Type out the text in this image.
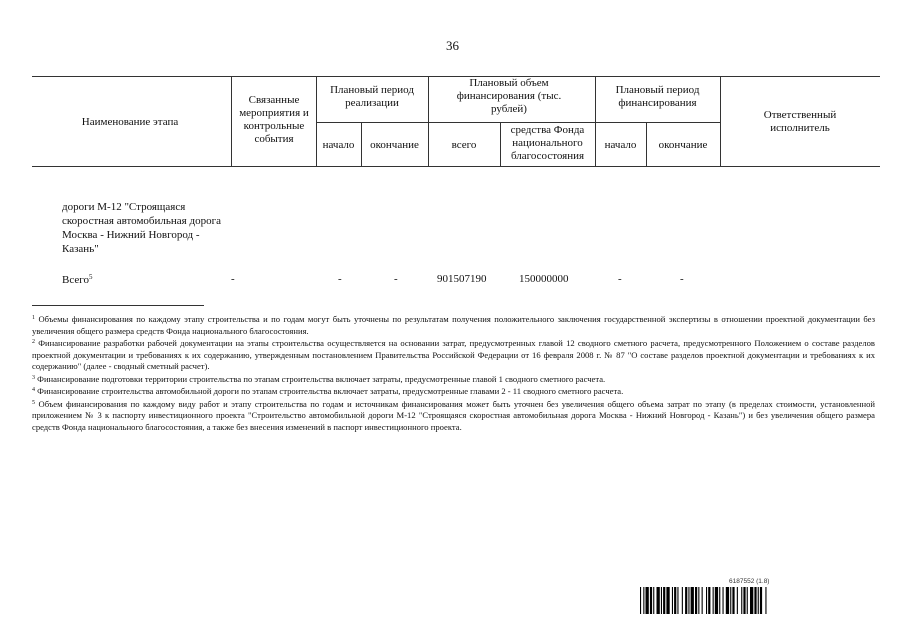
36
Наименование этапа
Связанные мероприятия и контрольные события
Плановый период реализации
начало	окончание
Плановый объем финансирования (тыс. рублей)
всего
средства Фонда национального благосостояния
Плановый период финансирования
начало	окончание
Ответственный исполнитель
дороги М-12 "Строящаяся скоростная автомобильная дорога Москва - Нижний Новгород - Казань"
Всего$^5$	-	-	-	901507190	150000000	-	-

$^1$ Объемы финансирования по каждому этапу строительства и по годам могут быть уточнены по результатам получения положительного заключения государственной экспертизы в отношении проектной документации без увеличения общего размера средств Фонда национального благосостояния.

$^2$ Финансирование разработки рабочей документации на этапы строительства осуществляется на основании затрат, предусмотренных главой 12 сводного сметного расчета, предусмотренного Положением о составе разделов проектной документации и требованиях к их содержанию, утвержденным постановлением Правительства Российской Федерации от 16 февраля 2008 г. № 87 "О составе разделов проектной документации и требованиях к их содержанию" (далее - сводный сметный расчет).

$^3$ Финансирование подготовки территории строительства по этапам строительства включает затраты, предусмотренные главой 1 сводного сметного расчета.

$^4$ Финансирование строительства автомобильной дороги по этапам строительства включает затраты, предусмотренные главами 2 - 11 сводного сметного расчета.

$^5$ Объем финансирования по каждому виду работ и этапу строительства по годам и источникам финансирования может быть уточнен без увеличения общего объема затрат по этапу (в пределах стоимости, установленной приложением № 3 к паспорту инвестиционного проекта "Строительство автомобильной дороги М-12 "Строящаяся скоростная автомобильная дорога Москва - Нижний Новгород - Казань") и без увеличения общего размера средств Фонда национального благосостояния, а также без внесения изменений в паспорт инвестиционного проекта.

6187552 (1.8)
